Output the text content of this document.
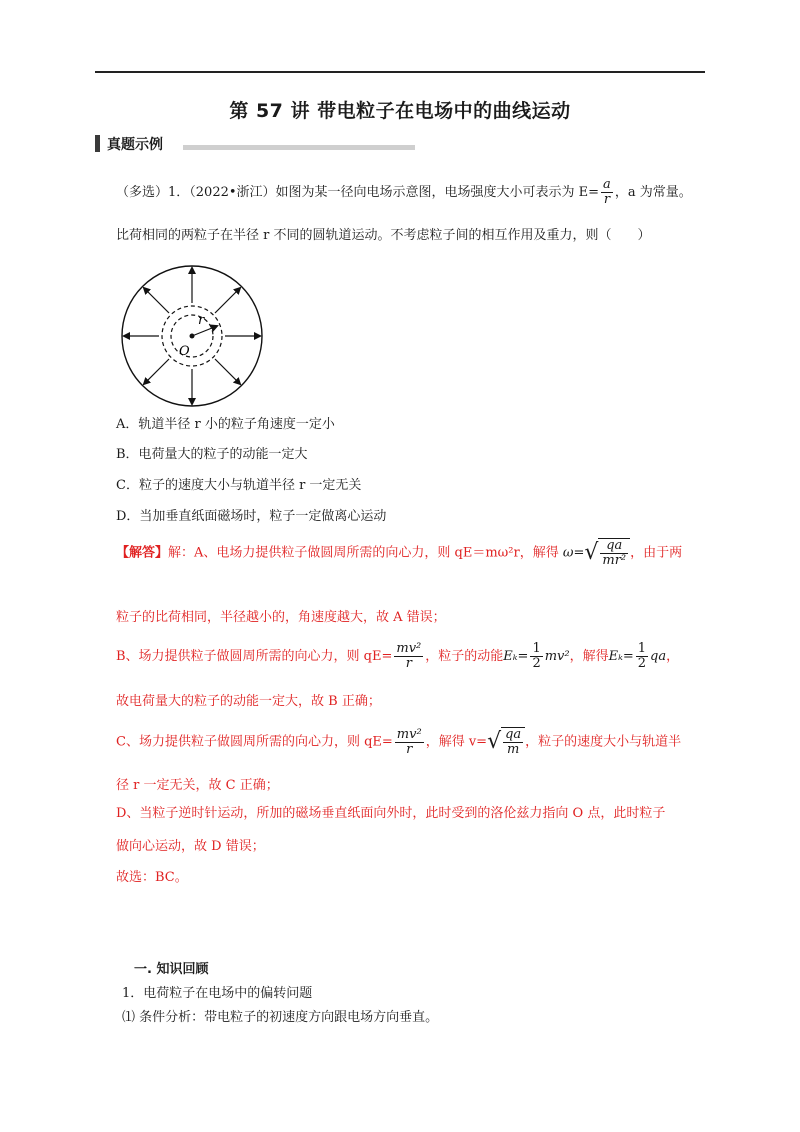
第 57 讲 带电粒子在电场中的曲线运动
真题示例
（多选）1．（2022•浙江）如图为某一径向电场示意图，电场强度大小可表示为 $E= \frac{a}{r}$ ，a 为常量。
比荷相同的两粒子在半径 r 不同的圆轨道运动。不考虑粒子间的相互作用及重力，则（　　）
r
O
A．轨道半径 r 小的粒子角速度一定小
B．电荷量大的粒子的动能一定大
C．粒子的速度大小与轨道半径 r 一定无关
D．当加垂直纸面磁场时，粒子一定做离心运动
【解答】解：A、电场力提供粒子做圆周所需的向心力，则 qE＝mω²r，解得 $\omega=√ \frac{qa}{\text{mr²}}$ ，由于两
粒子的比荷相同，半径越小的，角速度越大，故 A 错误；
B、场力提供粒子做圆周所需的向心力，则 $qE= \frac{\text{mv²}}{r}$ ，粒子的动能$E_k= \frac{1}{2} mv^2$，解得$E_k= \frac{1}{2}$ qa，
故电荷量大的粒子的动能一定大，故 B 正确；
C、场力提供粒子做圆周所需的向心力，则 $qE= \frac{\text{mv²}}{r}$ ，解得 $v=√ \frac{qa}{m}$ ，粒子的速度大小与轨道半
径 r 一定无关，故 C 正确；
D、当粒子逆时针运动，所加的磁场垂直纸面向外时，此时受到的洛伦兹力指向 O 点，此时粒子
做向心运动，故 D 错误；
故选：BC。
一. 知识回顾
1．电荷粒子在电场中的偏转问题
⑴ 条件分析：带电粒子的初速度方向跟电场方向垂直。
